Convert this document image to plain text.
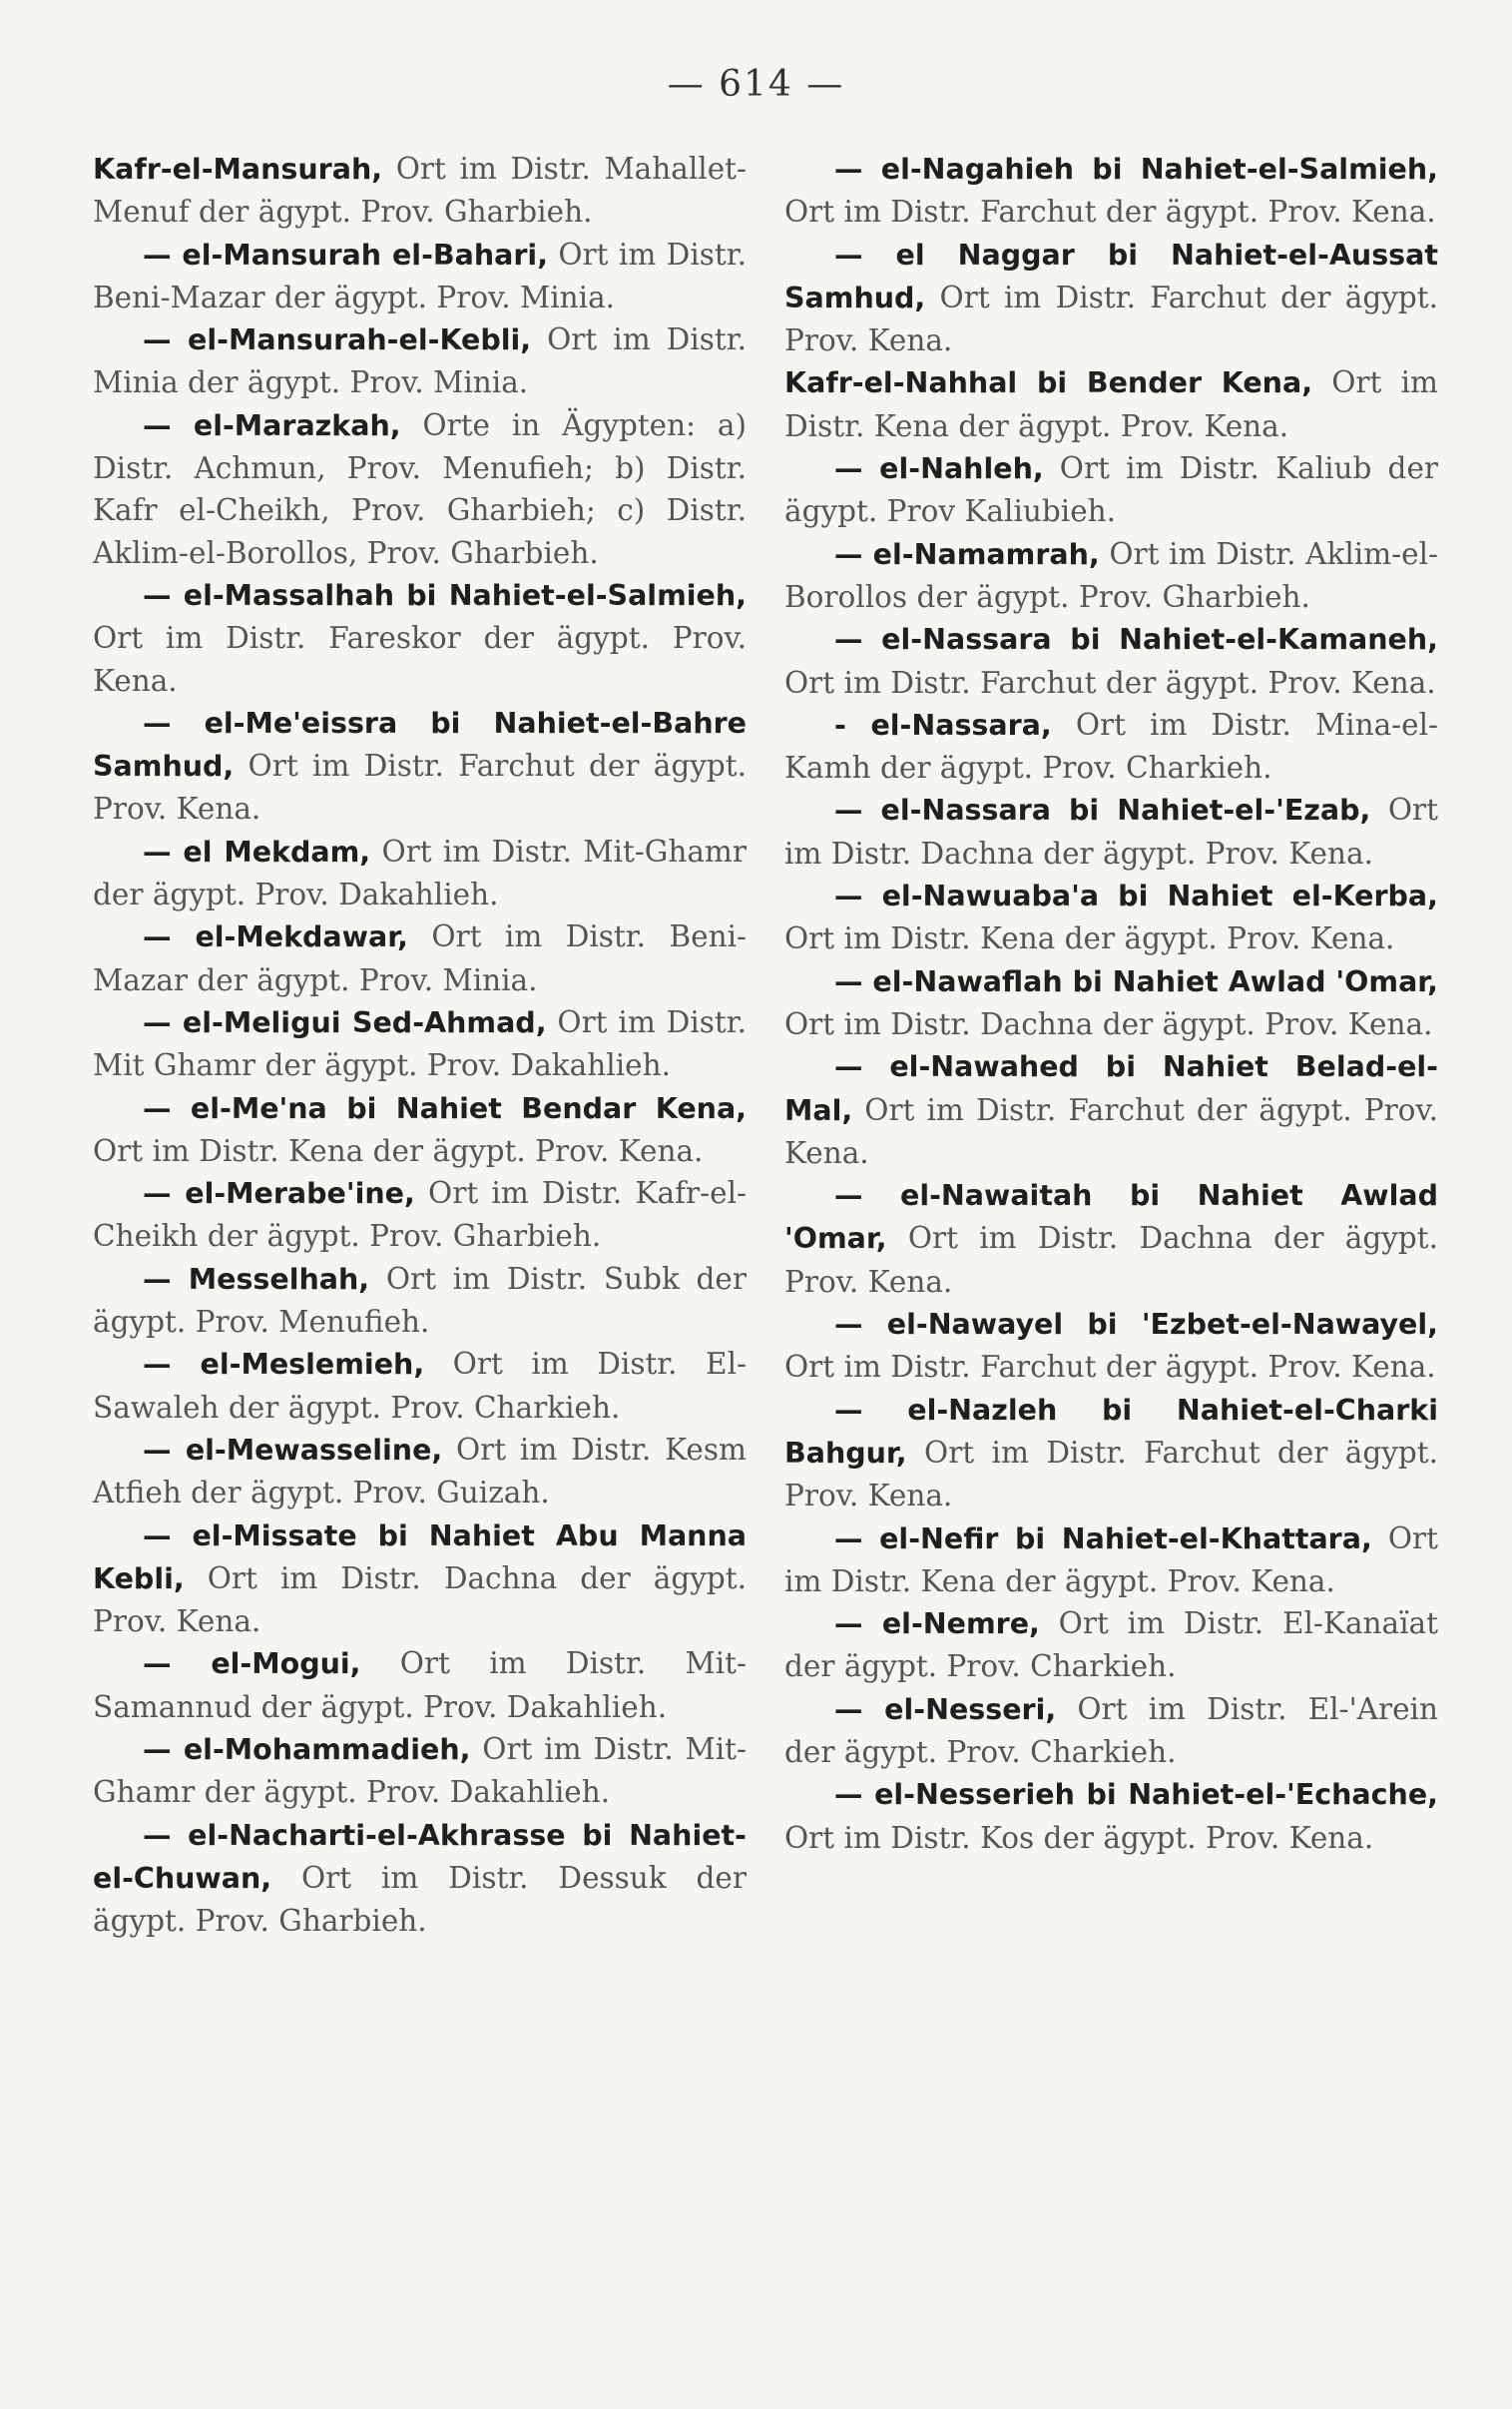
— 614 —
Kafr-el-Mansurah, Ort im Distr. Mahallet-Menuf der ägypt. Prov. Gharbieh.
— el-Mansurah el-Bahari, Ort im Distr. Beni-Mazar der ägypt. Prov. Minia.
— el-Mansurah-el-Kebli, Ort im Distr. Minia der ägypt. Prov. Minia.
— el-Marazkah, Orte in Ägypten: a) Distr. Achmun, Prov. Menufieh; b) Distr. Kafr el-Cheikh, Prov. Gharbieh; c) Distr. Aklim-el-Borollos, Prov. Gharbieh.
— el-Massalhah bi Nahiet-el-Salmieh, Ort im Distr. Fareskor der ägypt. Prov. Kena.
— el-Me'eissra bi Nahiet-el-Bahre Samhud, Ort im Distr. Farchut der ägypt. Prov. Kena.
— el Mekdam, Ort im Distr. Mit-Ghamr der ägypt. Prov. Dakahlieh.
— el-Mekdawar, Ort im Distr. Beni-Mazar der ägypt. Prov. Minia.
— el-Meligui Sed-Ahmad, Ort im Distr. Mit Ghamr der ägypt. Prov. Dakahlieh.
— el-Me'na bi Nahiet Bendar Kena, Ort im Distr. Kena der ägypt. Prov. Kena.
— el-Merabe'ine, Ort im Distr. Kafr-el-Cheikh der ägypt. Prov. Gharbieh.
— Messelhah, Ort im Distr. Subk der ägypt. Prov. Menufieh.
— el-Meslemieh, Ort im Distr. El-Sawaleh der ägypt. Prov. Charkieh.
— el-Mewasseline, Ort im Distr. Kesm Atfieh der ägypt. Prov. Guizah.
— el-Missate bi Nahiet Abu Manna Kebli, Ort im Distr. Dachna der ägypt. Prov. Kena.
— el-Mogui, Ort im Distr. Mit-Samannud der ägypt. Prov. Dakahlieh.
— el-Mohammadieh, Ort im Distr. Mit-Ghamr der ägypt. Prov. Dakahlieh.
— el-Nacharti-el-Akhrasse bi Nahiet-el-Chuwan, Ort im Distr. Dessuk der ägypt. Prov. Gharbieh.
— el-Nagahieh bi Nahiet-el-Salmieh, Ort im Distr. Farchut der ägypt. Prov. Kena.
— el Naggar bi Nahiet-el-Aussat Samhud, Ort im Distr. Farchut der ägypt. Prov. Kena.
Kafr-el-Nahhal bi Bender Kena, Ort im Distr. Kena der ägypt. Prov. Kena.
— el-Nahleh, Ort im Distr. Kaliub der ägypt. Prov Kaliubieh.
— el-Namamrah, Ort im Distr. Aklim-el-Borollos der ägypt. Prov. Gharbieh.
— el-Nassara bi Nahiet-el-Kamaneh, Ort im Distr. Farchut der ägypt. Prov. Kena.
- el-Nassara, Ort im Distr. Mina-el-Kamh der ägypt. Prov. Charkieh.
— el-Nassara bi Nahiet-el-'Ezab, Ort im Distr. Dachna der ägypt. Prov. Kena.
— el-Nawuaba'a bi Nahiet el-Kerba, Ort im Distr. Kena der ägypt. Prov. Kena.
— el-Nawaflah bi Nahiet Awlad 'Omar, Ort im Distr. Dachna der ägypt. Prov. Kena.
— el-Nawahed bi Nahiet Belad-el-Mal, Ort im Distr. Farchut der ägypt. Prov. Kena.
— el-Nawaitah bi Nahiet Awlad 'Omar, Ort im Distr. Dachna der ägypt. Prov. Kena.
— el-Nawayel bi 'Ezbet-el-Nawayel, Ort im Distr. Farchut der ägypt. Prov. Kena.
— el-Nazleh bi Nahiet-el-Charki Bahgur, Ort im Distr. Farchut der ägypt. Prov. Kena.
— el-Nefir bi Nahiet-el-Khattara, Ort im Distr. Kena der ägypt. Prov. Kena.
— el-Nemre, Ort im Distr. El-Kanaïat der ägypt. Prov. Charkieh.
— el-Nesseri, Ort im Distr. El-'Arein der ägypt. Prov. Charkieh.
— el-Nesserieh bi Nahiet-el-'Echache, Ort im Distr. Kos der ägypt. Prov. Kena.
